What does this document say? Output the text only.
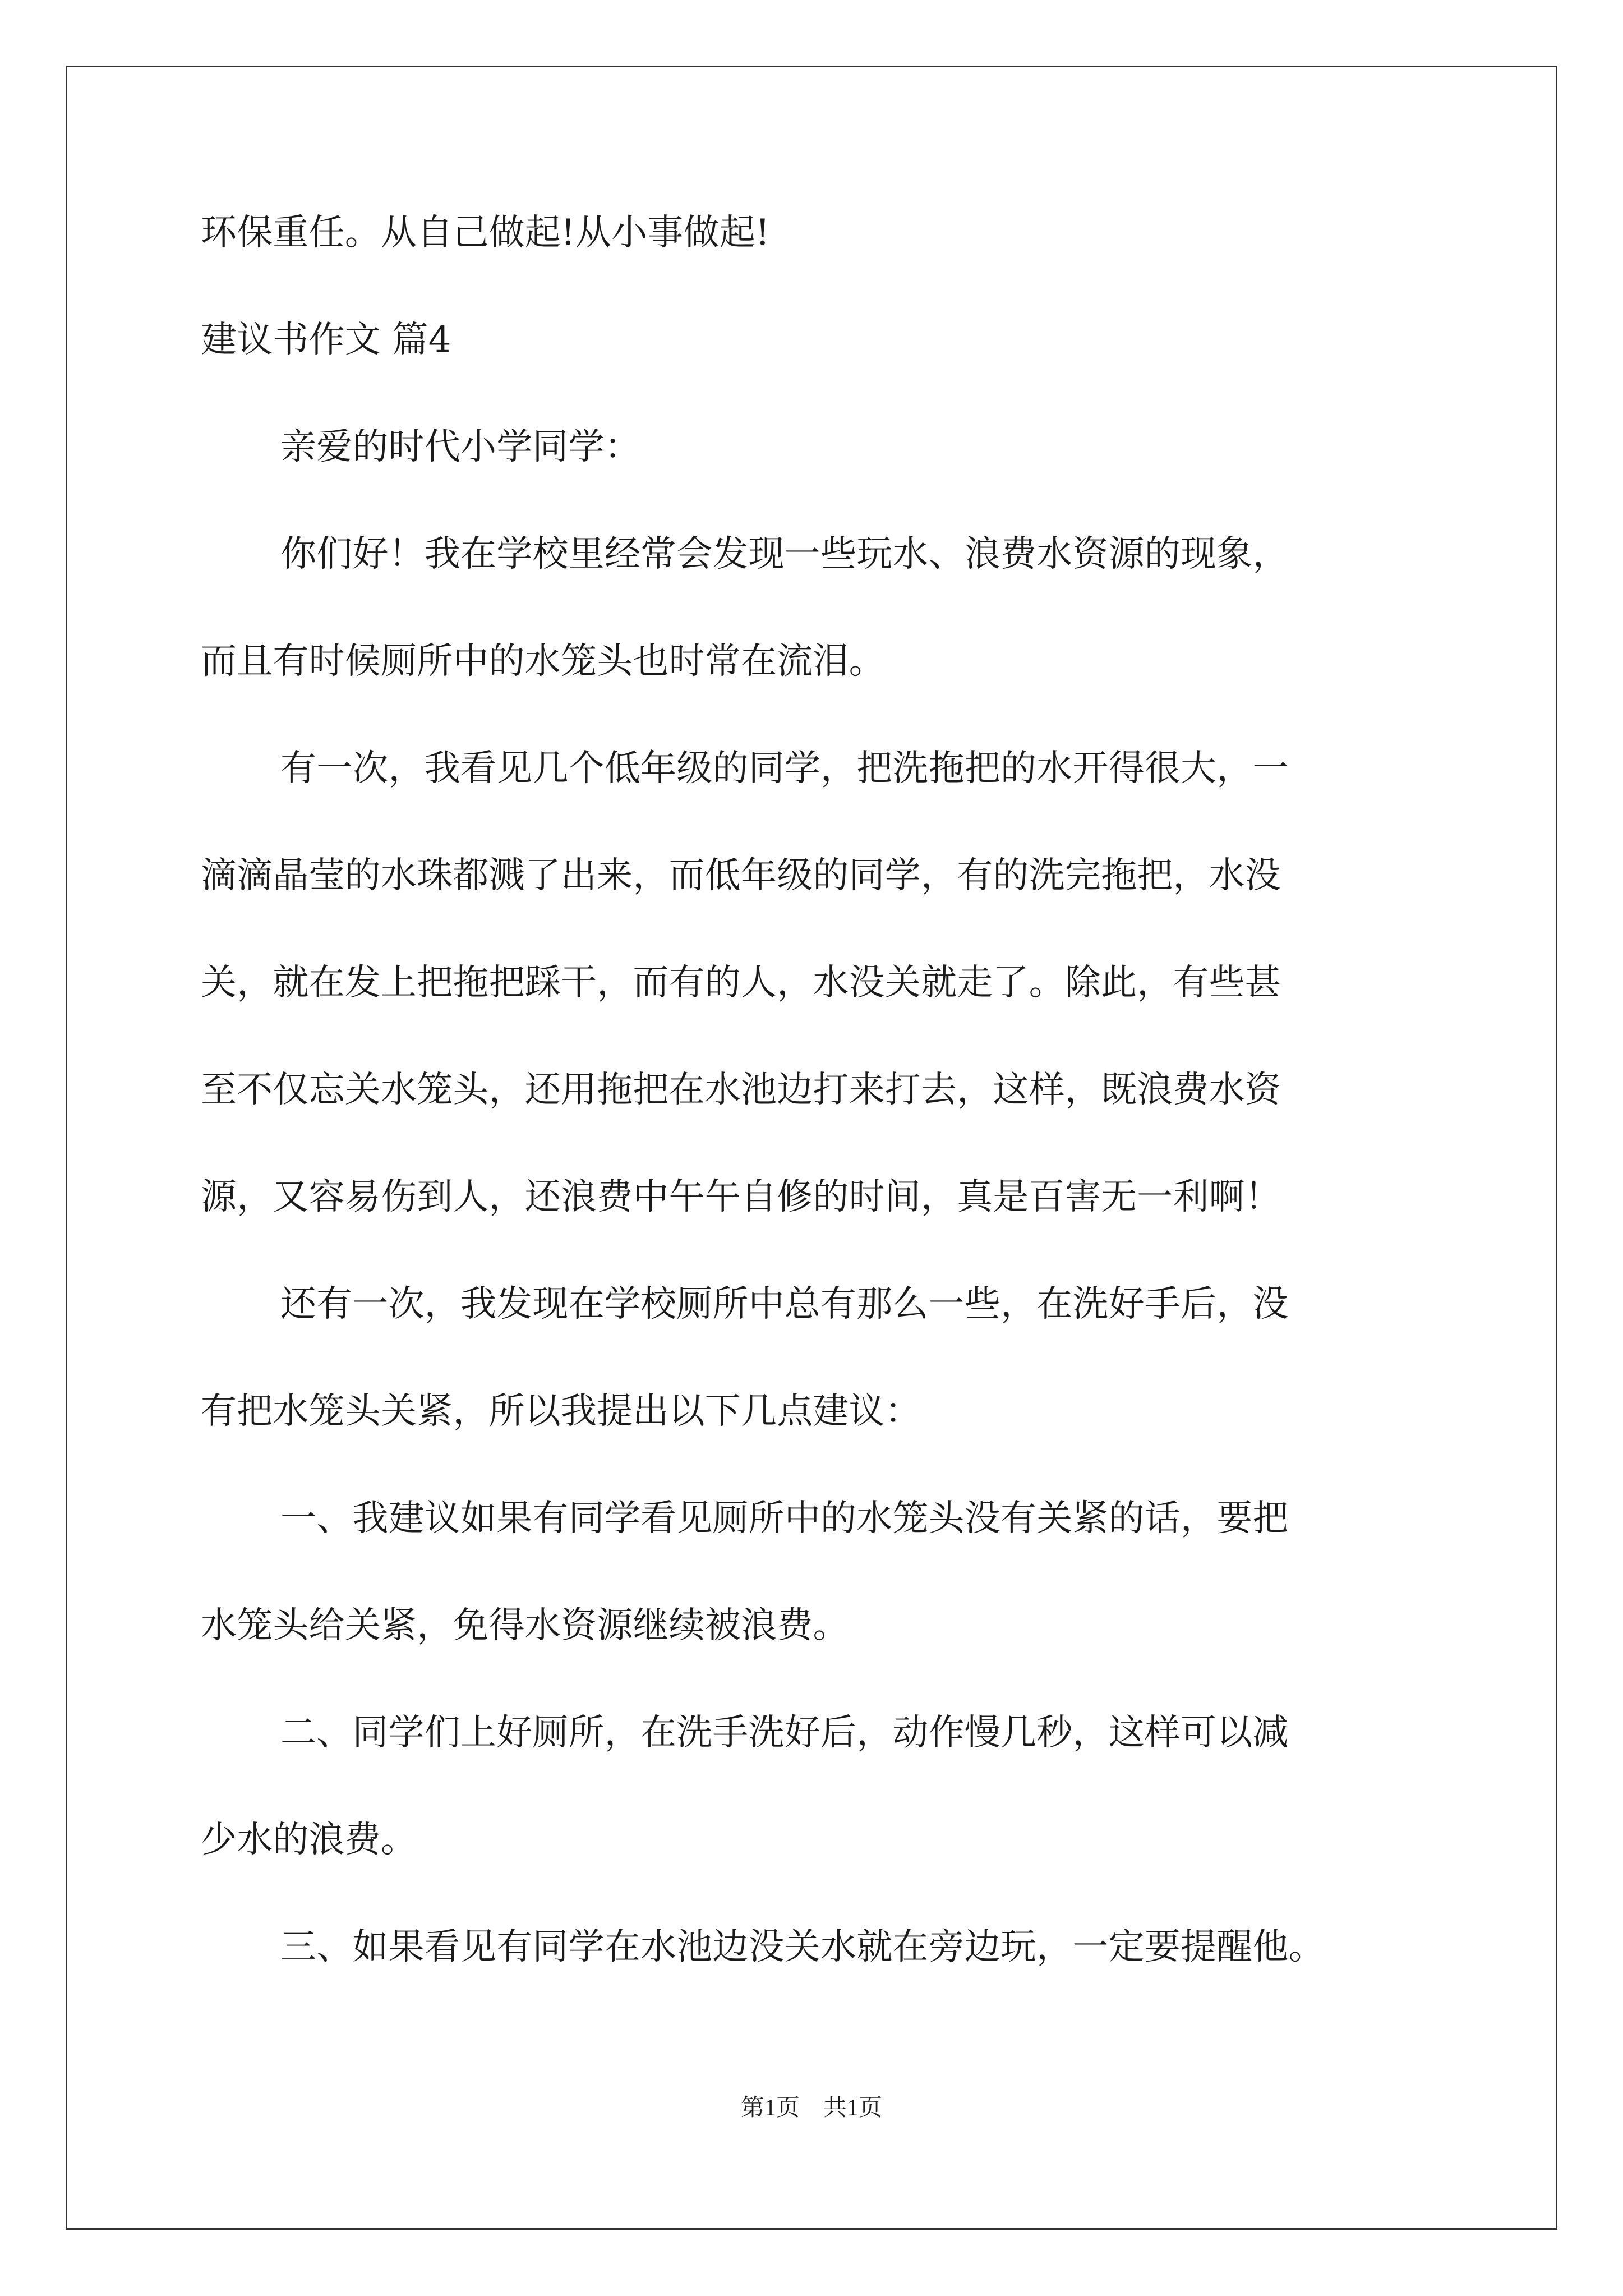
环保重任。从自己做起!从小事做起!
建议书作文 篇4
亲爱的时代小学同学：
你们好！我在学校里经常会发现一些玩水、浪费水资源的现象，
而且有时候厕所中的水笼头也时常在流泪。
有一次，我看见几个低年级的同学，把洗拖把的水开得很大，一
滴滴晶莹的水珠都溅了出来，而低年级的同学，有的洗完拖把，水没
关，就在发上把拖把踩干，而有的人，水没关就走了。除此，有些甚
至不仅忘关水笼头，还用拖把在水池边打来打去，这样，既浪费水资
源，又容易伤到人，还浪费中午午自修的时间，真是百害无一利啊！
还有一次，我发现在学校厕所中总有那么一些，在洗好手后，没
有把水笼头关紧，所以我提出以下几点建议：
一、我建议如果有同学看见厕所中的水笼头没有关紧的话，要把
水笼头给关紧，免得水资源继续被浪费。
二、同学们上好厕所，在洗手洗好后，动作慢几秒，这样可以减
少水的浪费。
三、如果看见有同学在水池边没关水就在旁边玩，一定要提醒他。
第1页　共1页
